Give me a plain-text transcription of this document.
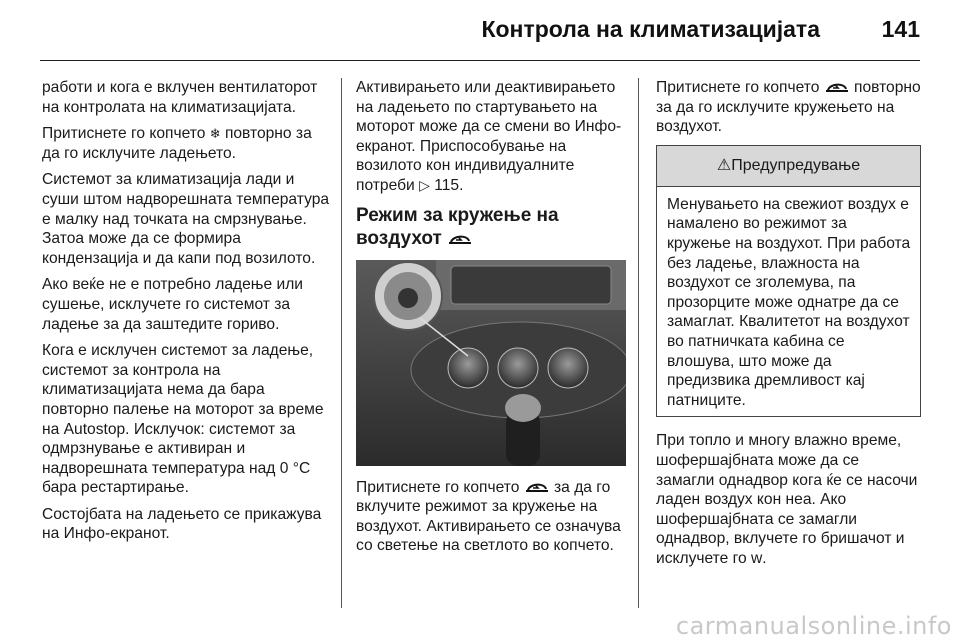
Контрола на климатизацијата	141

работи и кога е вклучен вентилаторот на контролата на климатизацијата.

Притиснете го копчето ❄ повторно за да го исклучите ладењето.

Системот за климатизација лади и суши штом надворешната температура е малку над точката на смрзнување. Затоа може да се формира кондензација и да капи под возилото.

Ако веќе не е потребно ладење или сушење, исклучете го системот за ладење за да заштедите гориво.

Кога е исклучен системот за ладење, системот за контрола на климатизацијата нема да бара повторно палење на моторот за време на Autostop. Исклучок: системот за одмрзнување е активиран и надворешната температура над 0 °C бара рестартирање.

Состојбата на ладењето се прикажува на Инфо-екранот.

Активирањето или деактивирањето на ладењето по стартувањето на моторот може да се смени во Инфо-екранот. Приспособување на возилото кон индивидуалните потреби ▷ 115.

Режим за кружење на воздухот

Притиснете го копчето  за да го вклучите режимот за кружење на воздухот. Активирањето се означува со светење на светлото во копчето.

Притиснете го копчето  повторно за да го исклучите кружењето на воздухот.

⚠Предупредување
Менувањето на свежиот воздух е намалено во режимот за кружење на воздухот. При работа без ладење, влажноста на воздухот се зголемува, па прозорците може однатре да се замаглат. Квалитетот на воздухот во патничката кабина се влошува, што може да предизвика дремливост кај патниците.

При топло и многу влажно време, шофершајбната може да се замагли однадвор кога ќе се насочи ладен воздух кон неа. Ако шофершајбната се замагли однадвор, вклучете го бришачот и исклучете го ᴡ.

carmanualsonline.info
